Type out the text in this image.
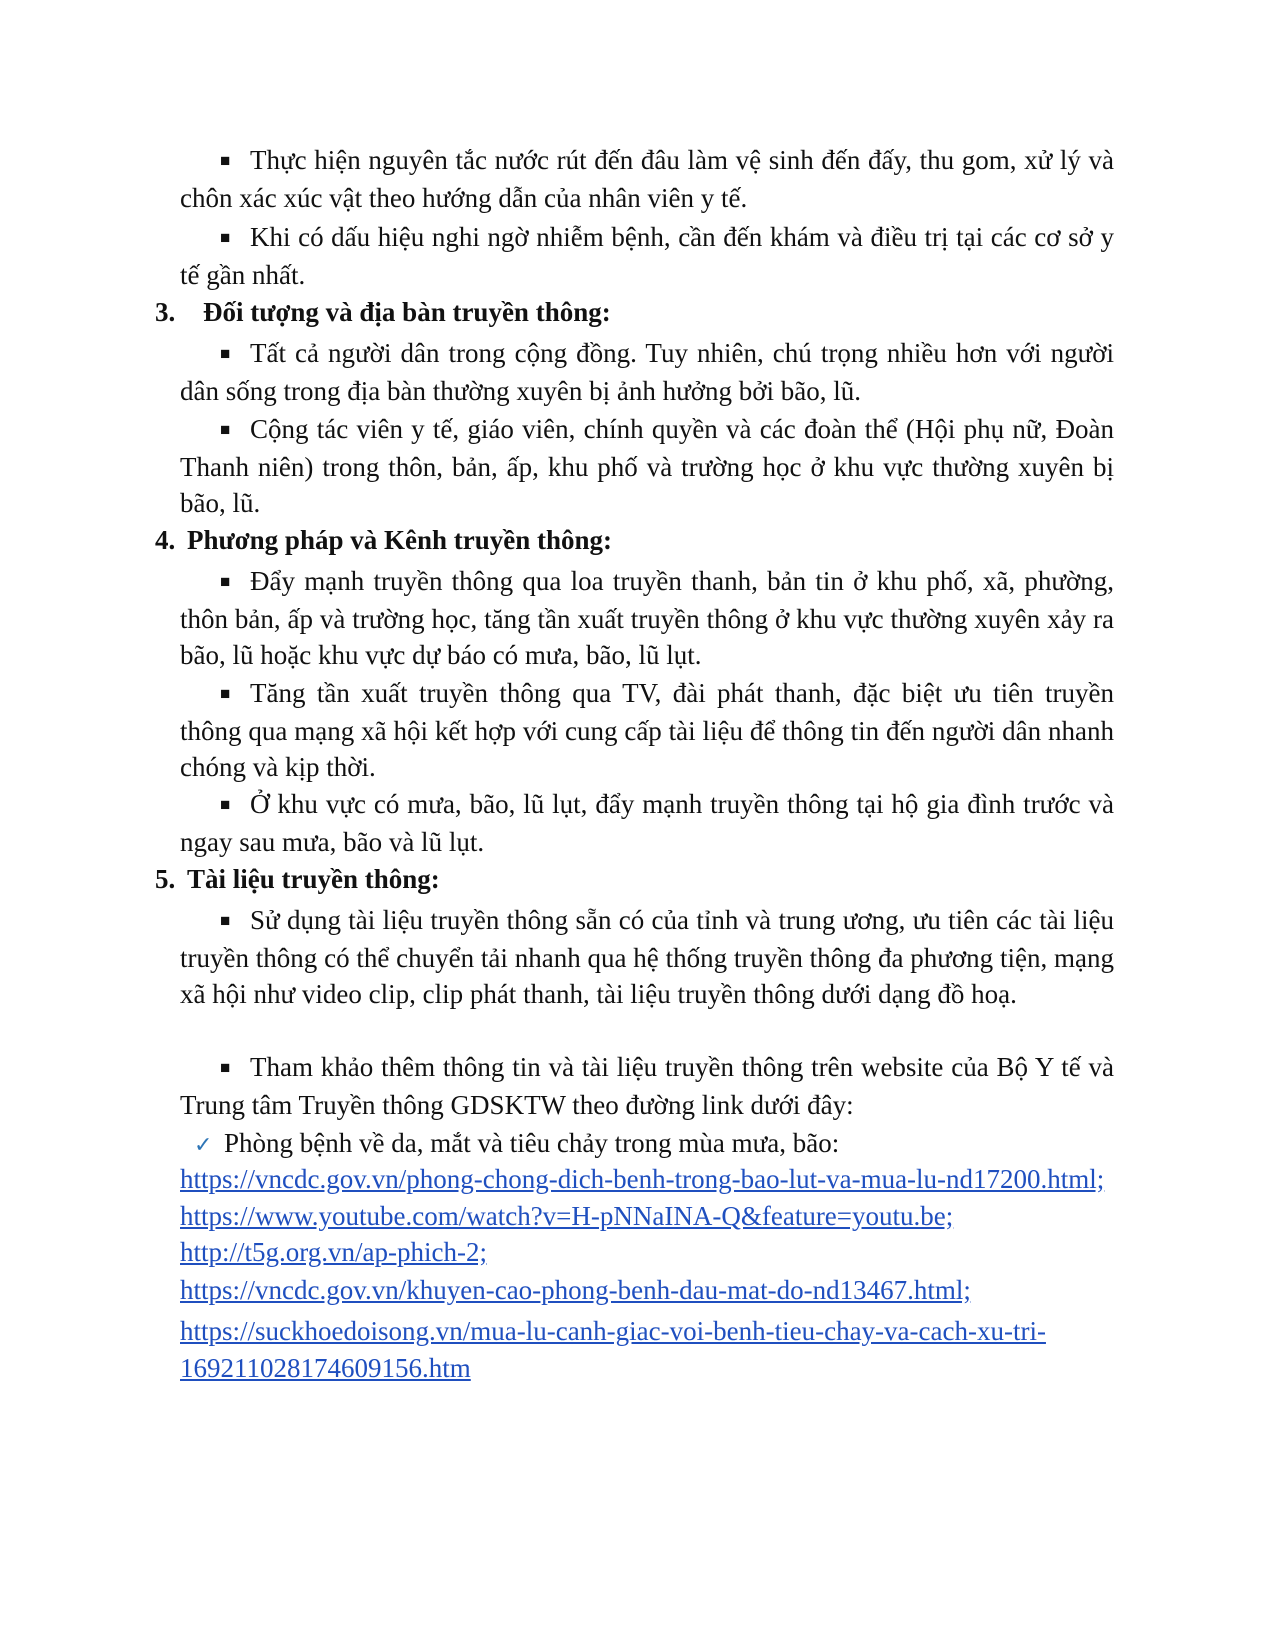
■ Thực hiện nguyên tắc nước rút đến đâu làm vệ sinh đến đấy, thu gom, xử lý và chôn xác xúc vật theo hướng dẫn của nhân viên y tế.

■ Khi có dấu hiệu nghi ngờ nhiễm bệnh, cần đến khám và điều trị tại các cơ sở y tế gần nhất.

3. Đối tượng và địa bàn truyền thông:

■ Tất cả người dân trong cộng đồng. Tuy nhiên, chú trọng nhiều hơn với người dân sống trong địa bàn thường xuyên bị ảnh hưởng bởi bão, lũ.

■ Cộng tác viên y tế, giáo viên, chính quyền và các đoàn thể (Hội phụ nữ, Đoàn Thanh niên) trong thôn, bản, ấp, khu phố và trường học ở khu vực thường xuyên bị bão, lũ.

4. Phương pháp và Kênh truyền thông:

■ Đẩy mạnh truyền thông qua loa truyền thanh, bản tin ở khu phố, xã, phường, thôn bản, ấp và trường học, tăng tần xuất truyền thông ở khu vực thường xuyên xảy ra bão, lũ hoặc khu vực dự báo có mưa, bão, lũ lụt.

■ Tăng tần xuất truyền thông qua TV, đài phát thanh, đặc biệt ưu tiên truyền thông qua mạng xã hội kết hợp với cung cấp tài liệu để thông tin đến người dân nhanh chóng và kịp thời.

■ Ở khu vực có mưa, bão, lũ lụt, đẩy mạnh truyền thông tại hộ gia đình trước và ngay sau mưa, bão và lũ lụt.

5. Tài liệu truyền thông:

■ Sử dụng tài liệu truyền thông sẵn có của tỉnh và trung ương, ưu tiên các tài liệu truyền thông có thể chuyển tải nhanh qua hệ thống truyền thông đa phương tiện, mạng xã hội như video clip, clip phát thanh, tài liệu truyền thông dưới dạng đồ hoạ.

■ Tham khảo thêm thông tin và tài liệu truyền thông trên website của Bộ Y tế và Trung tâm Truyền thông GDSKTW theo đường link dưới đây:

✓ Phòng bệnh về da, mắt và tiêu chảy trong mùa mưa, bão:

https://vncdc.gov.vn/phong-chong-dich-benh-trong-bao-lut-va-mua-lu-nd17200.html; https://www.youtube.com/watch?v=H-pNNaINA-Q&feature=youtu.be; http://t5g.org.vn/ap-phich-2;

https://vncdc.gov.vn/khuyen-cao-phong-benh-dau-mat-do-nd13467.html;

https://suckhoedoisong.vn/mua-lu-canh-giac-voi-benh-tieu-chay-va-cach-xu-tri-169211028174609156.htm
